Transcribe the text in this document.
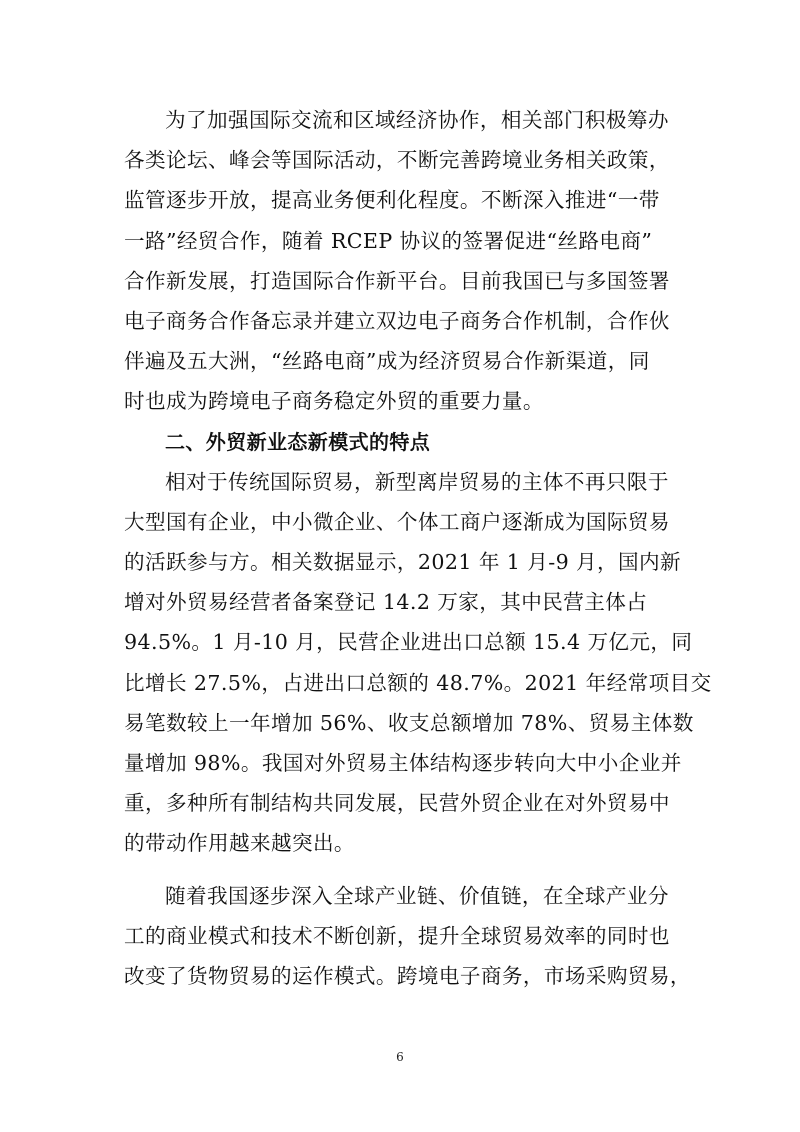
为了加强国际交流和区域经济协作，相关部门积极筹办
各类论坛、峰会等国际活动，不断完善跨境业务相关政策，
监管逐步开放，提高业务便利化程度。不断深入推进“一带
一路”经贸合作，随着 RCEP 协议的签署促进“丝路电商”
合作新发展，打造国际合作新平台。目前我国已与多国签署
电子商务合作备忘录并建立双边电子商务合作机制，合作伙
伴遍及五大洲，“丝路电商”成为经济贸易合作新渠道，同
时也成为跨境电子商务稳定外贸的重要力量。
二、外贸新业态新模式的特点
相对于传统国际贸易，新型离岸贸易的主体不再只限于
大型国有企业，中小微企业、个体工商户逐渐成为国际贸易
的活跃参与方。相关数据显示，2021 年 1 月-9 月，国内新
增对外贸易经营者备案登记 14.2 万家，其中民营主体占
94.5%。1 月-10 月，民营企业进出口总额 15.4 万亿元，同
比增长 27.5%，占进出口总额的 48.7%。2021 年经常项目交
易笔数较上一年增加 56%、收支总额增加 78%、贸易主体数
量增加 98%。我国对外贸易主体结构逐步转向大中小企业并
重，多种所有制结构共同发展，民营外贸企业在对外贸易中
的带动作用越来越突出。
随着我国逐步深入全球产业链、价值链，在全球产业分
工的商业模式和技术不断创新，提升全球贸易效率的同时也
改变了货物贸易的运作模式。跨境电子商务，市场采购贸易，
6
